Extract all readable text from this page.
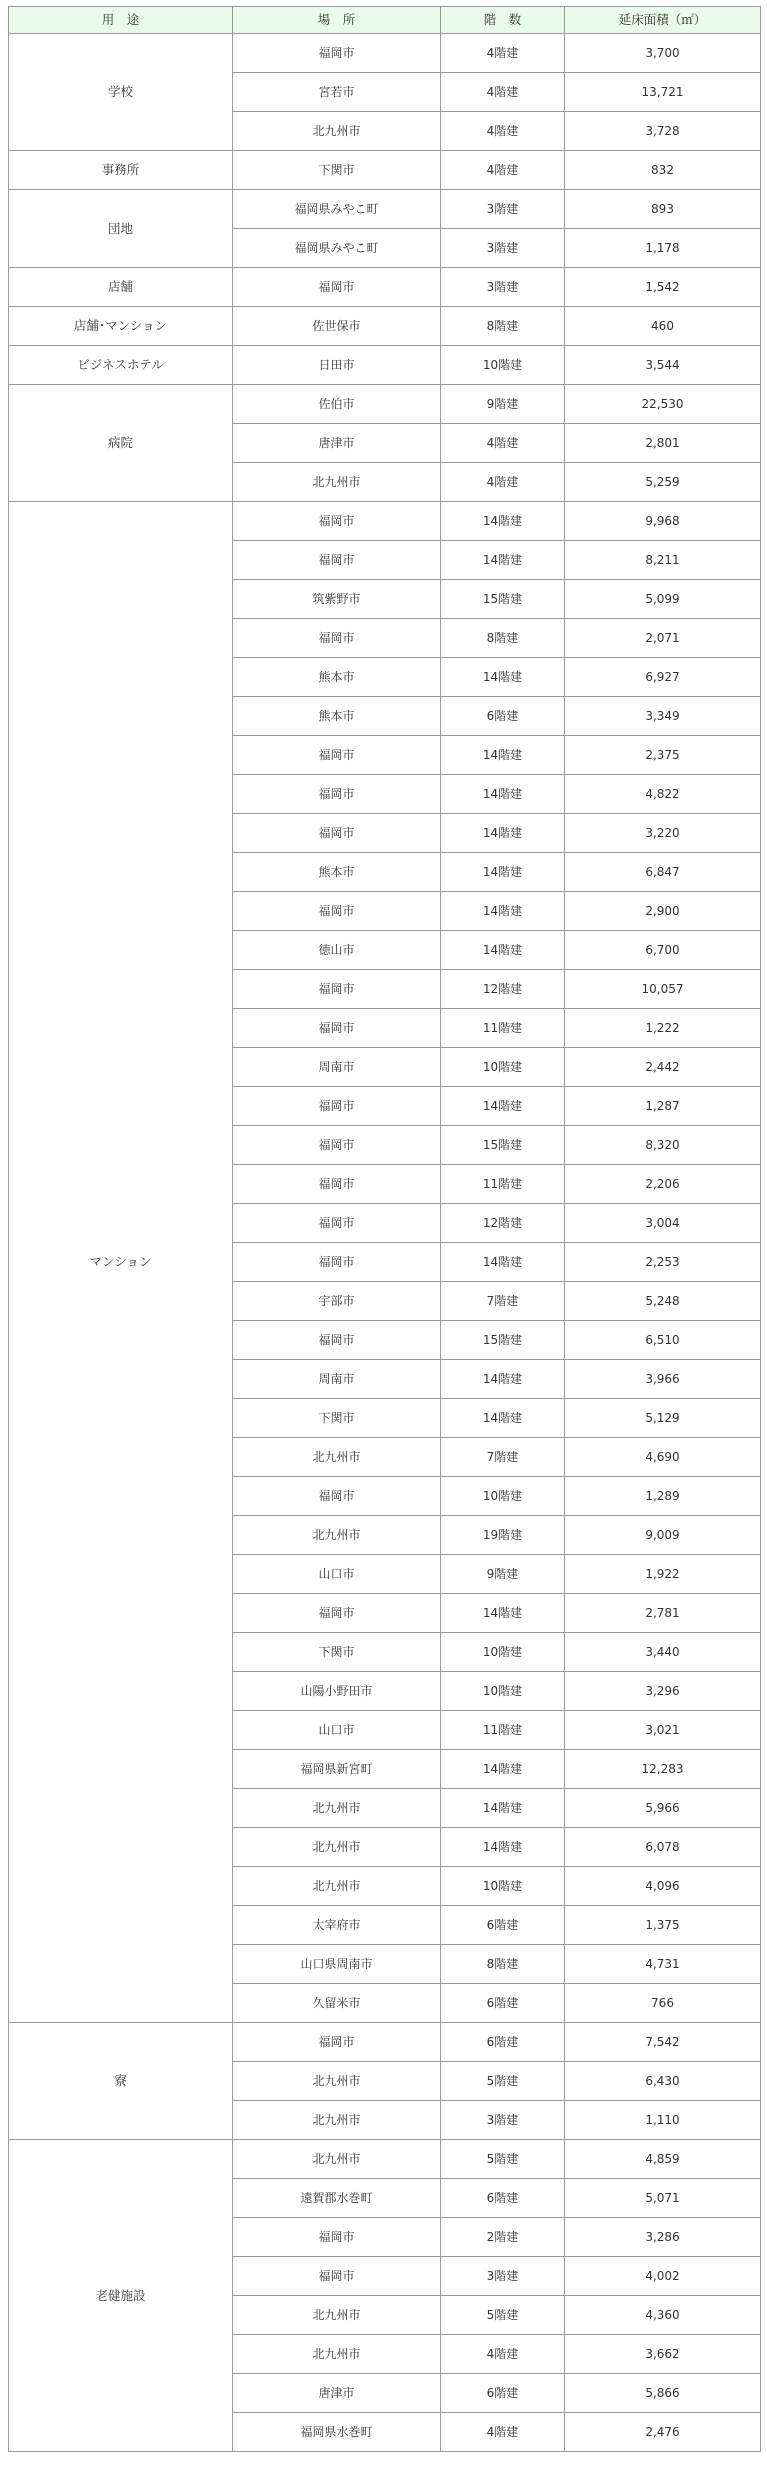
用　途	場　所	階　数	延床面積（㎡）
学校	福岡市	4階建	3,700
	宮若市	4階建	13,721
	北九州市	4階建	3,728
事務所	下関市	4階建	832
団地	福岡県みやこ町	3階建	893
	福岡県みやこ町	3階建	1,178
店舗	福岡市	3階建	1,542
店舗･マンション	佐世保市	8階建	460
ビジネスホテル	日田市	10階建	3,544
病院	佐伯市	9階建	22,530
	唐津市	4階建	2,801
	北九州市	4階建	5,259
マンション	福岡市	14階建	9,968
	福岡市	14階建	8,211
	筑紫野市	15階建	5,099
	福岡市	8階建	2,071
	熊本市	14階建	6,927
	熊本市	6階建	3,349
	福岡市	14階建	2,375
	福岡市	14階建	4,822
	福岡市	14階建	3,220
	熊本市	14階建	6,847
	福岡市	14階建	2,900
	徳山市	14階建	6,700
	福岡市	12階建	10,057
	福岡市	11階建	1,222
	周南市	10階建	2,442
	福岡市	14階建	1,287
	福岡市	15階建	8,320
	福岡市	11階建	2,206
	福岡市	12階建	3,004
	福岡市	14階建	2,253
	宇部市	7階建	5,248
	福岡市	15階建	6,510
	周南市	14階建	3,966
	下関市	14階建	5,129
	北九州市	7階建	4,690
	福岡市	10階建	1,289
	北九州市	19階建	9,009
	山口市	9階建	1,922
	福岡市	14階建	2,781
	下関市	10階建	3,440
	山陽小野田市	10階建	3,296
	山口市	11階建	3,021
	福岡県新宮町	14階建	12,283
	北九州市	14階建	5,966
	北九州市	14階建	6,078
	北九州市	10階建	4,096
	太宰府市	6階建	1,375
	山口県周南市	8階建	4,731
	久留米市	6階建	766
寮	福岡市	6階建	7,542
	北九州市	5階建	6,430
	北九州市	3階建	1,110
老健施設	北九州市	5階建	4,859
	遠賀郡水巻町	6階建	5,071
	福岡市	2階建	3,286
	福岡市	3階建	4,002
	北九州市	5階建	4,360
	北九州市	4階建	3,662
	唐津市	6階建	5,866
	福岡県水巻町	4階建	2,476
